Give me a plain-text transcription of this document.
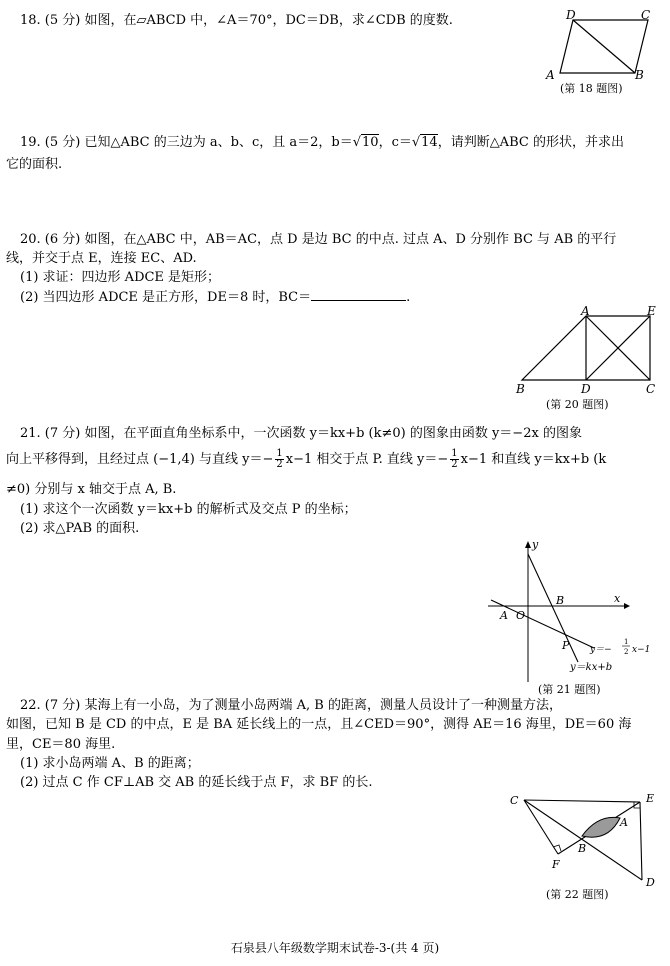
18. (5 分) 如图，在▱ABCD 中，∠A＝70°，DC＝DB，求∠CDB 的度数.	D	C
A	B
(第 18 题图)
19. (5 分) 已知△ABC 的三边为 a、b、c，且 a＝2，b＝√10，c＝√14，请判断△ABC 的形状，并求出
它的面积.
20. (6 分) 如图，在△ABC 中，AB＝AC，点 D 是边 BC 的中点. 过点 A、D 分别作 BC 与 AB 的平行
线，并交于点 E，连接 EC、AD.
(1) 求证：四边形 ADCE 是矩形；
(2) 当四边形 ADCE 是正方形，DE＝8 时，BC＝	.
A	E
B	D	C
(第 20 题图)
21. (7 分) 如图，在平面直角坐标系中，一次函数 y＝kx+b (k≠0) 的图象由函数 y＝−2x 的图象
向上平移得到，且经过点 (−1,4) 与直线 $y=- \frac{1}{2} x-1$ 相交于点 P. 直线 $y=- \frac{1}{2} x-1$ 和直线 y＝kx+b (k
≠0) 分别与 x 轴交于点 A, B.
(1) 求这个一次函数 y＝kx+b 的解析式及交点 P 的坐标；
(2) 求△PAB 的面积.
y
x
O
A
B
P y＝−
1
2 x−1
y＝kx+b
(第 21 题图)
22. (7 分) 某海上有一小岛，为了测量小岛两端 A, B 的距离，测量人员设计了一种测量方法，
如图，已知 B 是 CD 的中点，E 是 BA 延长线上的一点，且∠CED＝90°，测得 AE＝16 海里，DE＝60 海
里，CE＝80 海里.
(1) 求小岛两端 A、B 的距离；
(2) 过点 C 作 CF⊥AB 交 AB 的延长线于点 F，求 BF 的长.
C	E
A
B
F
D
(第 22 题图)
石泉县八年级数学期末试卷-3-(共 4 页)
